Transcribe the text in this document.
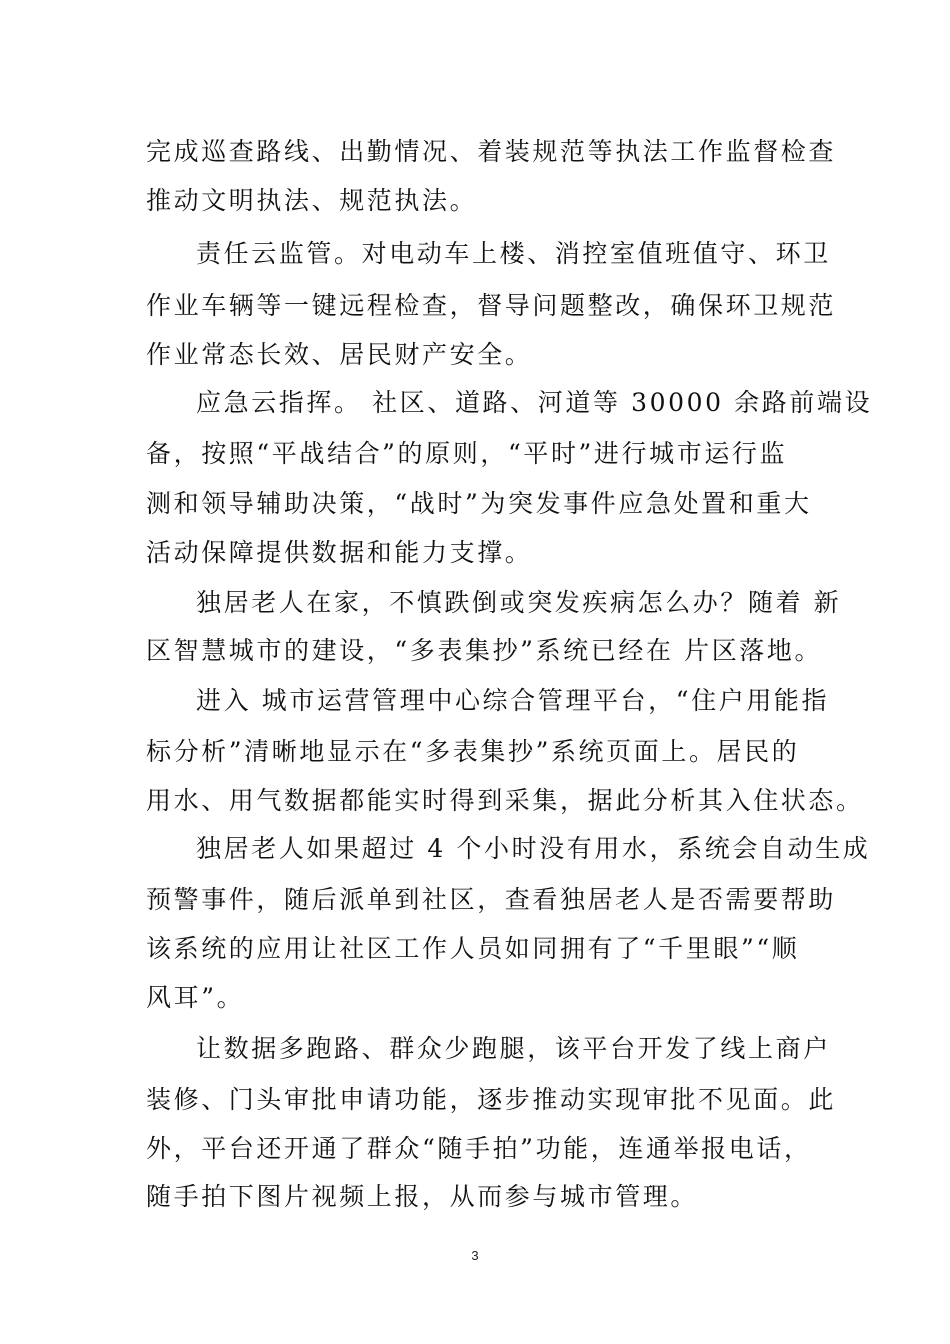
完成巡查路线、出勤情况、着装规范等执法工作监督检查
推动文明执法、规范执法。
责任云监管。对电动车上楼、消控室值班值守、环卫
作业车辆等一键远程检查，督导问题整改，确保环卫规范
作业常态长效、居民财产安全。
应急云指挥。 社区、道路、河道等 30000 余路前端设
备，按照“平战结合”的原则，“平时”进行城市运行监
测和领导辅助决策，“战时”为突发事件应急处置和重大
活动保障提供数据和能力支撑。
独居老人在家，不慎跌倒或突发疾病怎么办？随着 新
区智慧城市的建设，“多表集抄”系统已经在 片区落地。
进入 城市运营管理中心综合管理平台，“住户用能指
标分析”清晰地显示在“多表集抄”系统页面上。居民的
用水、用气数据都能实时得到采集，据此分析其入住状态。
独居老人如果超过 4 个小时没有用水，系统会自动生成
预警事件，随后派单到社区，查看独居老人是否需要帮助
该系统的应用让社区工作人员如同拥有了“千里眼”“顺
风耳”。
让数据多跑路、群众少跑腿，该平台开发了线上商户
装修、门头审批申请功能，逐步推动实现审批不见面。此
外，平台还开通了群众“随手拍”功能，连通举报电话，
随手拍下图片视频上报，从而参与城市管理。
3
